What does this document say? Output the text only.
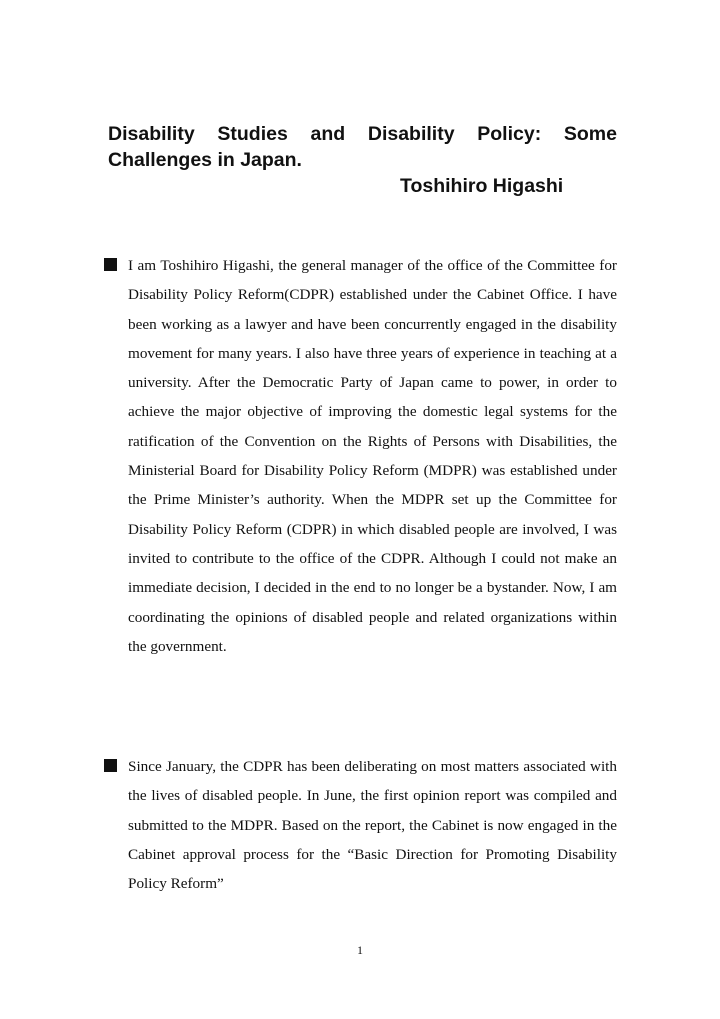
Disability Studies and Disability Policy: Some Challenges in Japan.
Toshihiro Higashi

I am Toshihiro Higashi, the general manager of the office of the Committee for Disability Policy Reform(CDPR) established under the Cabinet Office. I have been working as a lawyer and have been concurrently engaged in the disability movement for many years. I also have three years of experience in teaching at a university. After the Democratic Party of Japan came to power, in order to achieve the major objective of improving the domestic legal systems for the ratification of the Convention on the Rights of Persons with Disabilities, the Ministerial Board for Disability Policy Reform (MDPR) was established under the Prime Minister’s authority. When the MDPR set up the Committee for Disability Policy Reform (CDPR) in which disabled people are involved, I was invited to contribute to the office of the CDPR. Although I could not make an immediate decision, I decided in the end to no longer be a bystander. Now, I am coordinating the opinions of disabled people and related organizations within the government.

Since January, the CDPR has been deliberating on most matters associated with the lives of disabled people. In June, the first opinion report was compiled and submitted to the MDPR. Based on the report, the Cabinet is now engaged in the Cabinet approval process for the “Basic Direction for Promoting Disability Policy Reform”

1
